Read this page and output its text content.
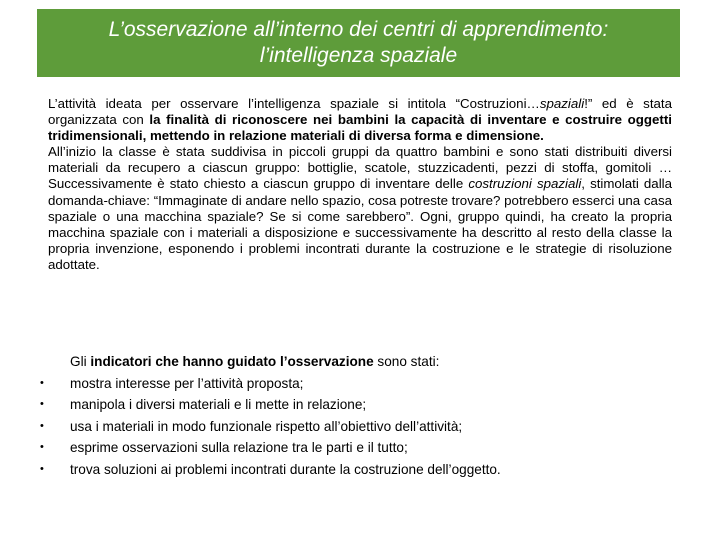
L’osservazione all’interno dei centri di apprendimento:
l’intelligenza spaziale

L’attività ideata per osservare l’intelligenza spaziale si intitola “Costruzioni…spaziali!” ed è stata organizzata con la finalità di riconoscere nei bambini la capacità di inventare e costruire oggetti tridimensionali, mettendo in relazione materiali di diversa forma e dimensione.

All’inizio la classe è stata suddivisa in piccoli gruppi da quattro bambini e sono stati distribuiti diversi materiali da recupero a ciascun gruppo: bottiglie, scatole, stuzzicadenti, pezzi di stoffa, gomitoli …Successivamente è stato chiesto a ciascun gruppo di inventare delle costruzioni spaziali, stimolati dalla domanda-chiave: “Immaginate di andare nello spazio, cosa potreste trovare? potrebbero esserci una casa spaziale o una macchina spaziale? Se si come sarebbero”. Ogni, gruppo quindi, ha creato la propria macchina spaziale con i materiali a disposizione e successivamente ha descritto al resto della classe la propria invenzione, esponendo i problemi incontrati durante la costruzione e le strategie di risoluzione adottate.

Gli indicatori che hanno guidato l’osservazione sono stati:
•	mostra interesse per l’attività proposta;
•	manipola i diversi materiali e li mette in relazione;
•	usa i materiali in modo funzionale rispetto all’obiettivo dell’attività;
•	esprime osservazioni sulla relazione tra le parti e il tutto;
•	trova soluzioni ai problemi incontrati durante la costruzione dell’oggetto.
